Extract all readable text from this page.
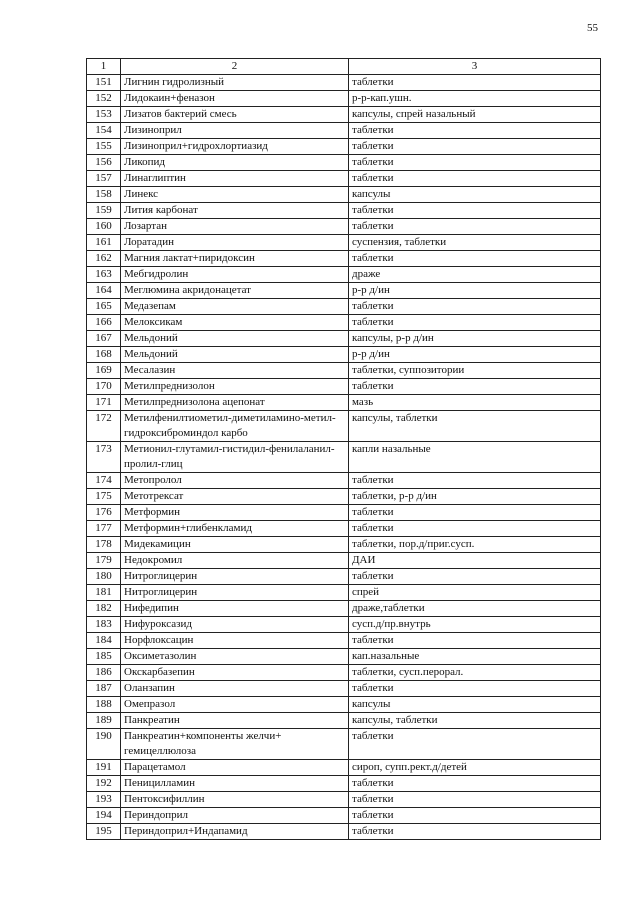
55
1	2	3
151	Лигнин гидролизный	таблетки
152	Лидокаин+феназон	р-р-кап.ушн.
153	Лизатов бактерий смесь	капсулы, спрей назальный
154	Лизиноприл	таблетки
155	Лизиноприл+гидрохлортиазид	таблетки
156	Ликопид	таблетки
157	Линаглиптин	таблетки
158	Линекс	капсулы
159	Лития карбонат	таблетки
160	Лозартан	таблетки
161	Лоратадин	суспензия, таблетки
162	Магния лактат+пиридоксин	таблетки
163	Мебгидролин	драже
164	Меглюмина акридонацетат	р-р д/ин
165	Медазепам	таблетки
166	Мелоксикам	таблетки
167	Мельдоний	капсулы, р-р д/ин
168	Мельдоний	р-р д/ин
169	Месалазин	таблетки, суппозитории
170	Метилпреднизолон	таблетки
171	Метилпреднизолона ацепонат	мазь
172	Метилфенилтиометил-диметиламино-метил-гидроксиброминдол карбо	капсулы, таблетки
173	Метионил-глутамил-гистидил-фенилаланил-пролил-глиц	капли назальные
174	Метопролол	таблетки
175	Метотрексат	таблетки, р-р д/ин
176	Метформин	таблетки
177	Метформин+глибенкламид	таблетки
178	Мидекамицин	таблетки, пор.д/приг.сусп.
179	Недокромил	ДАИ
180	Нитроглицерин	таблетки
181	Нитроглицерин	спрей
182	Нифедипин	драже,таблетки
183	Нифуроксазид	сусп.д/пр.внутрь
184	Норфлоксацин	таблетки
185	Оксиметазолин	кап.назальные
186	Окскарбазепин	таблетки, сусп.перорал.
187	Оланзапин	таблетки
188	Омепразол	капсулы
189	Панкреатин	капсулы, таблетки
190	Панкреатин+компоненты желчи+ гемицеллюлоза	таблетки
191	Парацетамол	сироп, супп.рект.д/детей
192	Пеницилламин	таблетки
193	Пентоксифиллин	таблетки
194	Периндоприл	таблетки
195	Периндоприл+Индапамид	таблетки
